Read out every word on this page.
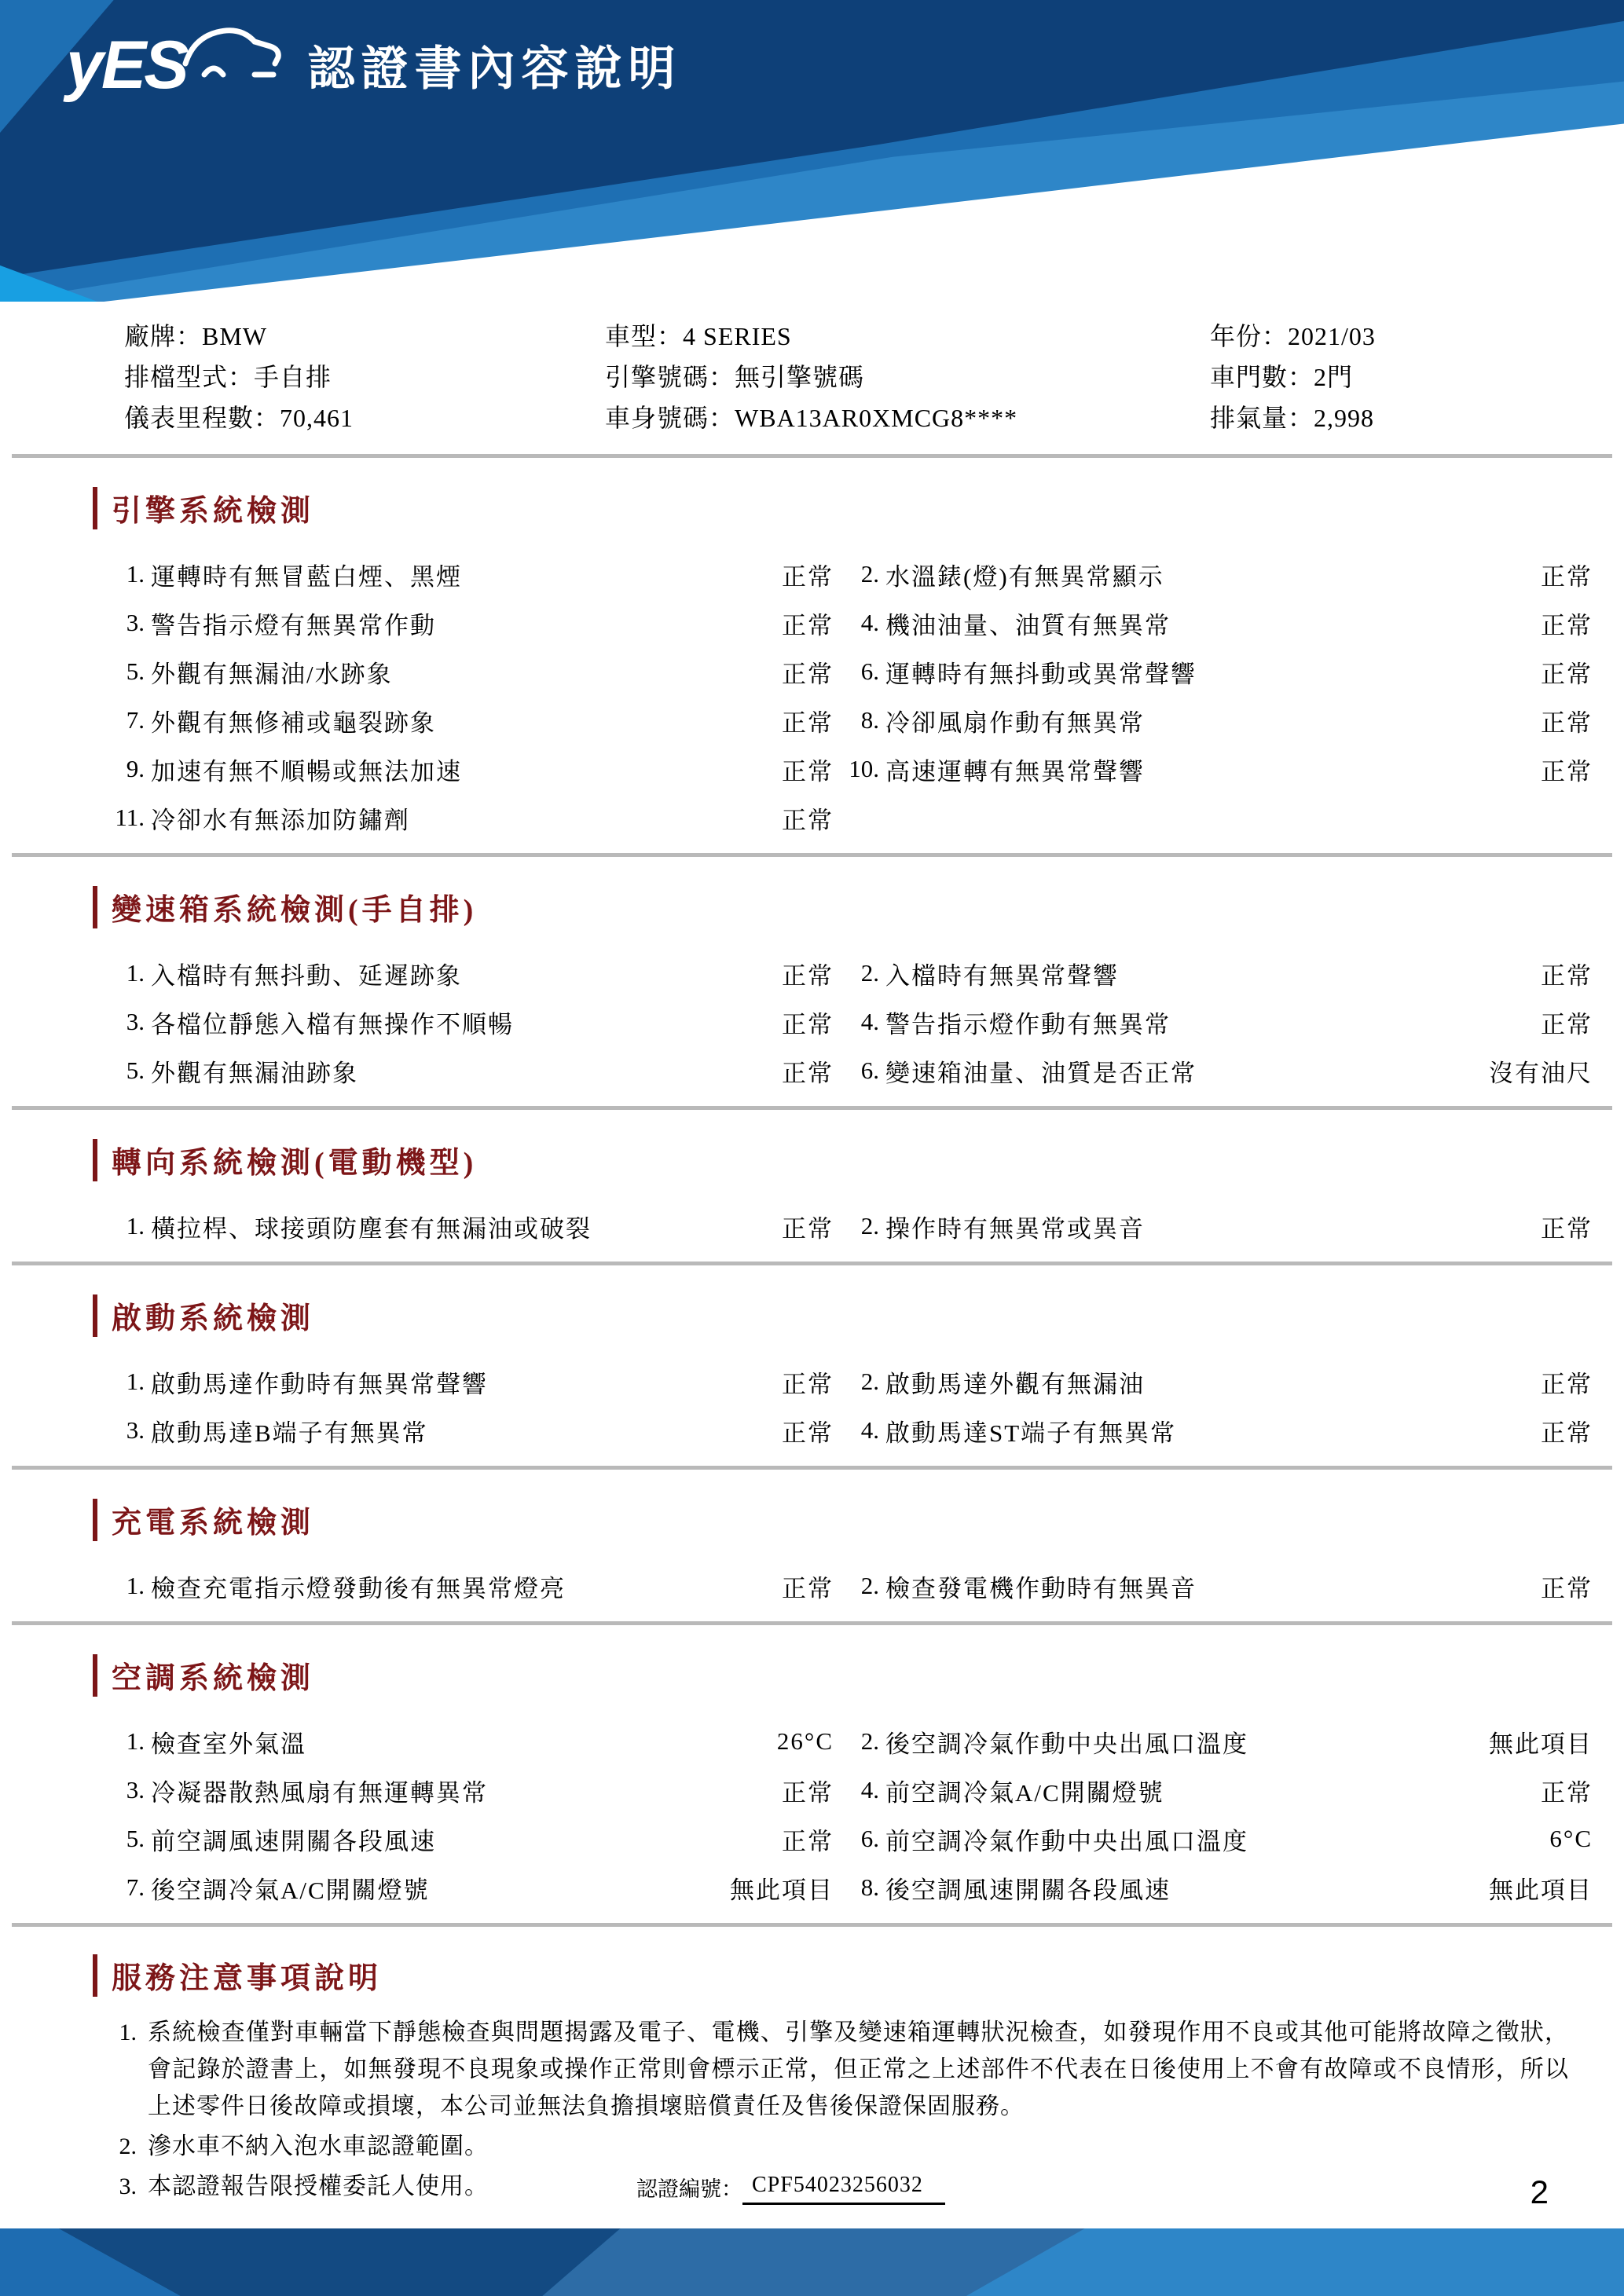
yES	認證書內容說明
廠牌：BMW	車型：4 SERIES	年份：2021/03
排檔型式：手自排	引擎號碼：無引擎號碼	車門數：2門
儀表里程數：70,461	車身號碼：WBA13AR0XMCG8****	排氣量：2,998
引擎系統檢測
1. 運轉時有無冒藍白煙、黑煙	正常	2. 水溫錶(燈)有無異常顯示	正常
3. 警告指示燈有無異常作動	正常	4. 機油油量、油質有無異常	正常
5. 外觀有無漏油/水跡象	正常	6. 運轉時有無抖動或異常聲響	正常
7. 外觀有無修補或龜裂跡象	正常	8. 冷卻風扇作動有無異常	正常
9. 加速有無不順暢或無法加速	正常 10. 高速運轉有無異常聲響	正常
11. 冷卻水有無添加防鏽劑	正常
變速箱系統檢測(手自排)
1. 入檔時有無抖動、延遲跡象	正常	2. 入檔時有無異常聲響	正常
3. 各檔位靜態入檔有無操作不順暢	正常	4. 警告指示燈作動有無異常	正常
5. 外觀有無漏油跡象	正常	6. 變速箱油量、油質是否正常	沒有油尺
轉向系統檢測(電動機型)
1. 橫拉桿、球接頭防塵套有無漏油或破裂	正常	2. 操作時有無異常或異音	正常
啟動系統檢測
1. 啟動馬達作動時有無異常聲響	正常	2. 啟動馬達外觀有無漏油	正常
3. 啟動馬達B端子有無異常	正常	4. 啟動馬達ST端子有無異常	正常
充電系統檢測
1. 檢查充電指示燈發動後有無異常燈亮	正常	2. 檢查發電機作動時有無異音	正常
空調系統檢測
1. 檢查室外氣溫	26°C	2. 後空調冷氣作動中央出風口溫度	無此項目
3. 冷凝器散熱風扇有無運轉異常	正常	4. 前空調冷氣A/C開關燈號	正常
5. 前空調風速開關各段風速	正常	6. 前空調冷氣作動中央出風口溫度	6°C
7. 後空調冷氣A/C開關燈號	無此項目	8. 後空調風速開關各段風速	無此項目
服務注意事項說明
1. 系統檢查僅對車輛當下靜態檢查與問題揭露及電子、電機、引擎及變速箱運轉狀況檢查，如發現作用不良或其他可能將故障之徵狀，會記錄於證書上，如無發現不良現象或操作正常則會標示正常，但正常之上述部件不代表在日後使用上不會有故障或不良情形，所以上述零件日後故障或損壞，本公司並無法負擔損壞賠償責任及售後保證保固服務。
2. 滲水車不納入泡水車認證範圍。
3. 本認證報告限授權委託人使用。	認證編號： CPF54023256032	2
